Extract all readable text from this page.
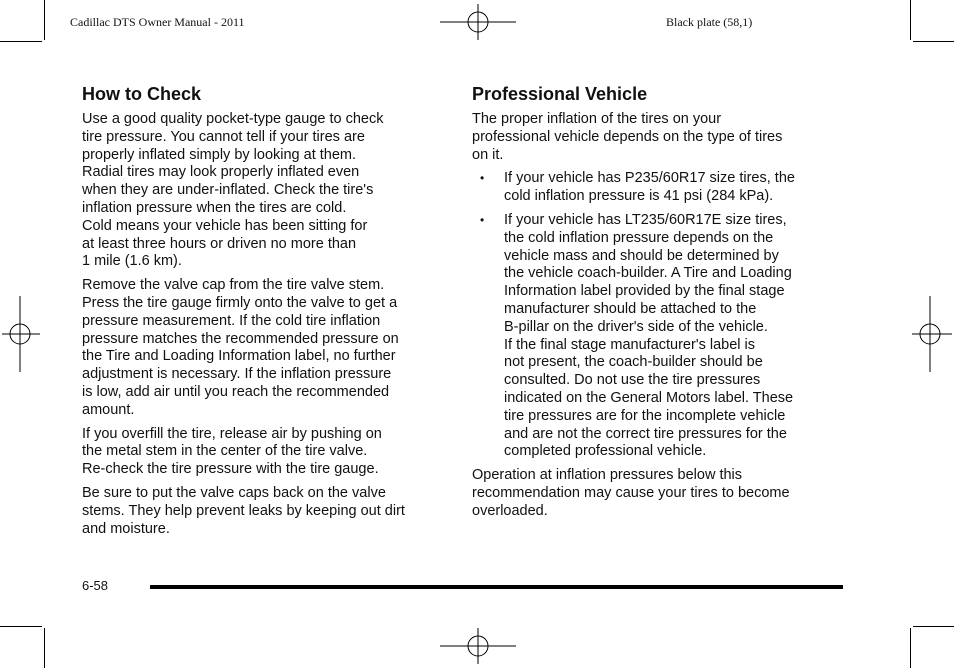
Cadillac DTS Owner Manual - 2011	Black plate (58,1)
How to Check

Use a good quality pocket-type gauge to check
tire pressure. You cannot tell if your tires are
properly inflated simply by looking at them.
Radial tires may look properly inflated even
when they are under-inflated. Check the tire's
inflation pressure when the tires are cold.
Cold means your vehicle has been sitting for
at least three hours or driven no more than
1 mile (1.6 km).

Remove the valve cap from the tire valve stem.
Press the tire gauge firmly onto the valve to get a
pressure measurement. If the cold tire inflation
pressure matches the recommended pressure on
the Tire and Loading Information label, no further
adjustment is necessary. If the inflation pressure
is low, add air until you reach the recommended
amount.

If you overfill the tire, release air by pushing on
the metal stem in the center of the tire valve.
Re-check the tire pressure with the tire gauge.

Be sure to put the valve caps back on the valve
stems. They help prevent leaks by keeping out dirt
and moisture.

Professional Vehicle

The proper inflation of the tires on your
professional vehicle depends on the type of tires
on it.

• If your vehicle has P235/60R17 size tires, the
cold inflation pressure is 41 psi (284 kPa).
• If your vehicle has LT235/60R17E size tires,
the cold inflation pressure depends on the
vehicle mass and should be determined by
the vehicle coach-builder. A Tire and Loading
Information label provided by the final stage
manufacturer should be attached to the
B-pillar on the driver's side of the vehicle.
If the final stage manufacturer's label is
not present, the coach-builder should be
consulted. Do not use the tire pressures
indicated on the General Motors label. These
tire pressures are for the incomplete vehicle
and are not the correct tire pressures for the
completed professional vehicle.

Operation at inflation pressures below this
recommendation may cause your tires to become
overloaded.

6-58
